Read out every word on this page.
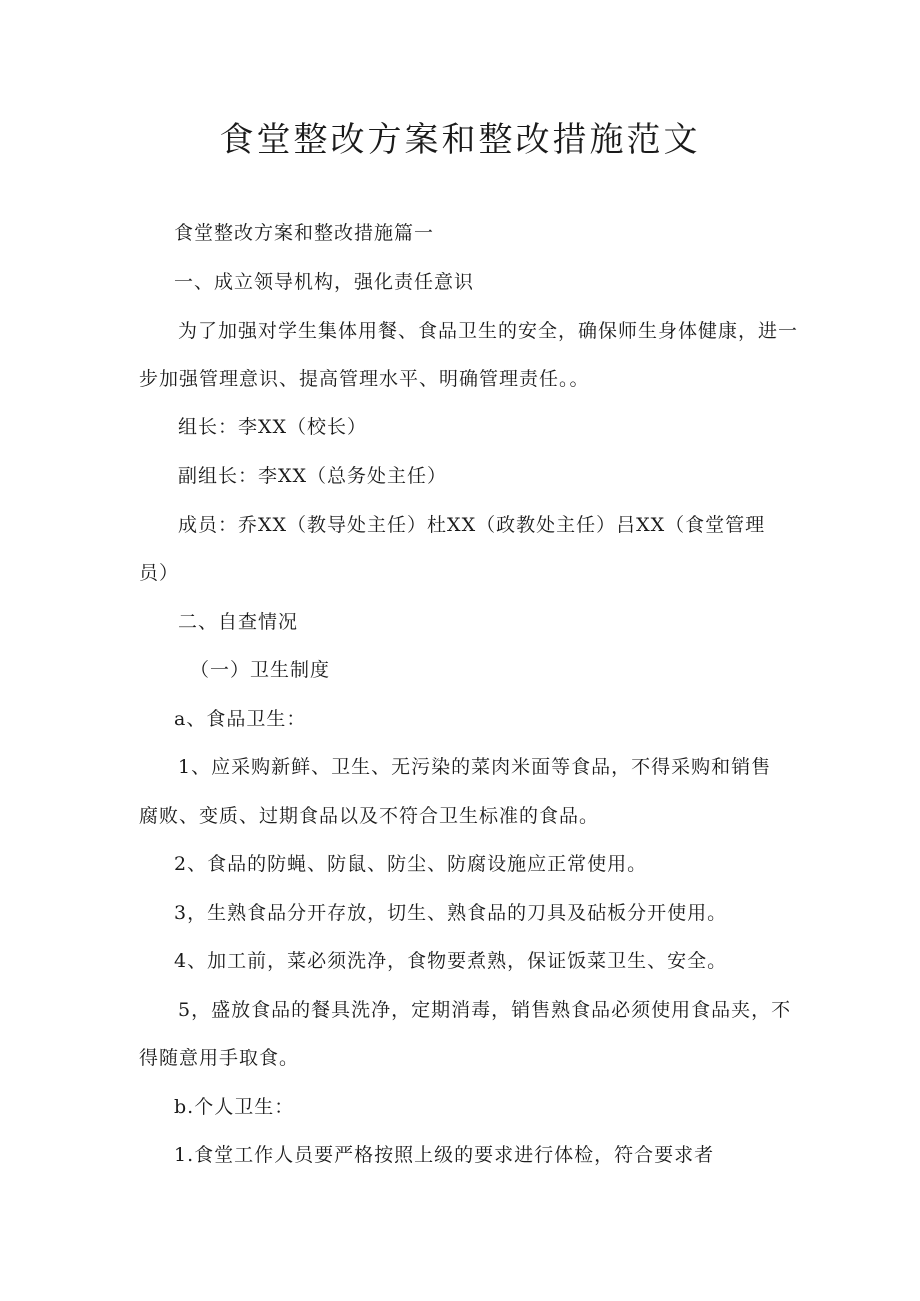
食堂整改方案和整改措施范文
食堂整改方案和整改措施篇一
一、成立领导机构，强化责任意识
为了加强对学生集体用餐、食品卫生的安全，确保师生身体健康，进一
步加强管理意识、提高管理水平、明确管理责任。。
组长：李XX（校长）
副组长：李XX（总务处主任）
成员：乔XX（教导处主任）杜XX（政教处主任）吕XX（食堂管理
员）
二、自查情况
（一）卫生制度
a、食品卫生：
1、应采购新鲜、卫生、无污染的菜肉米面等食品，不得采购和销售
腐败、变质、过期食品以及不符合卫生标准的食品。
2、食品的防蝇、防鼠、防尘、防腐设施应正常使用。
3，生熟食品分开存放，切生、熟食品的刀具及砧板分开使用。
4、加工前，菜必须洗净，食物要煮熟，保证饭菜卫生、安全。
5，盛放食品的餐具洗净，定期消毒，销售熟食品必须使用食品夹，不
得随意用手取食。
b.个人卫生：
1.食堂工作人员要严格按照上级的要求进行体检，符合要求者
